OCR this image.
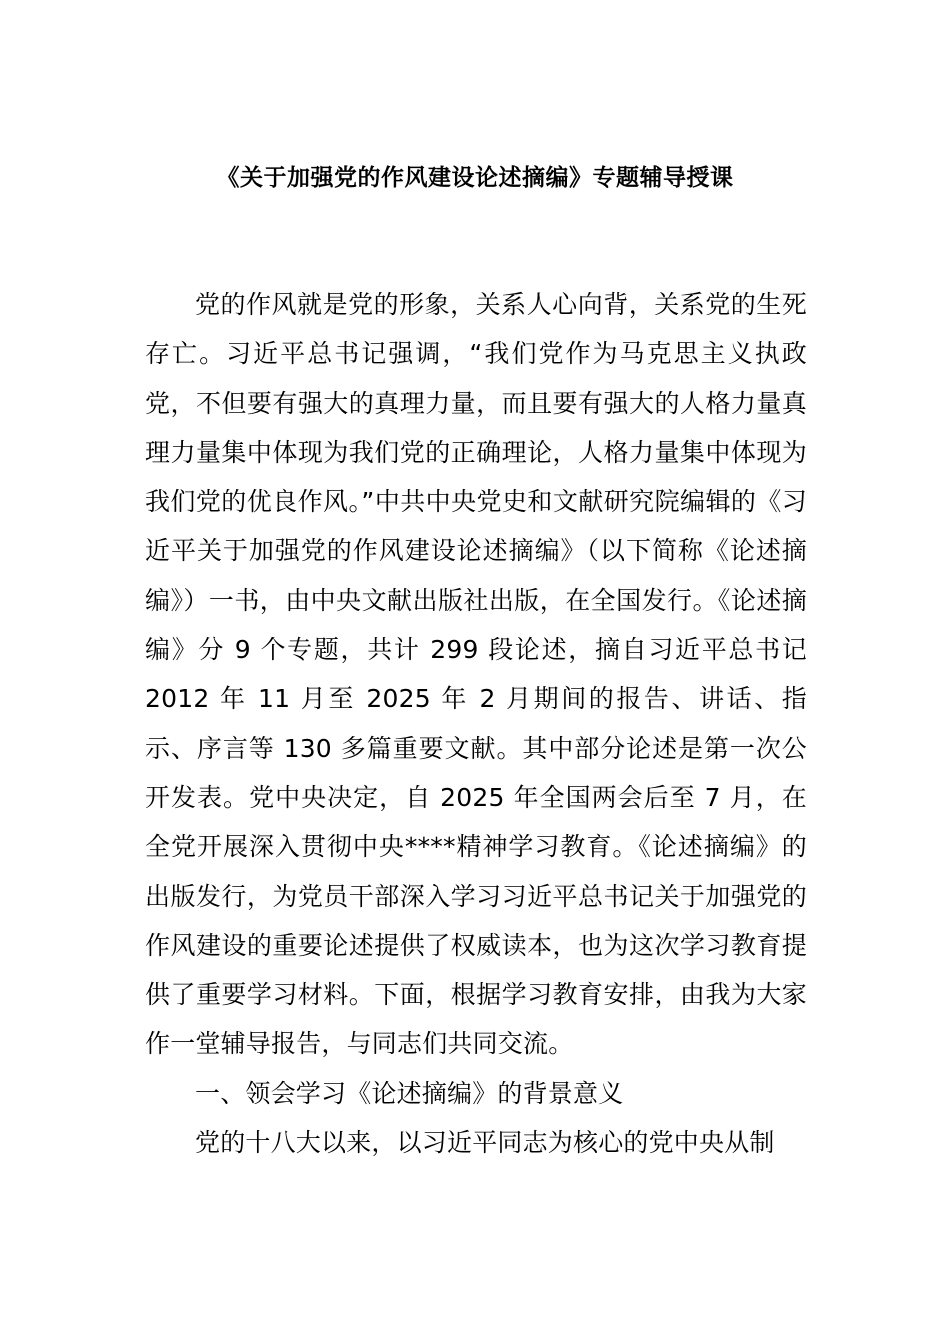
《关于加强党的作风建设论述摘编》专题辅导授课

党的作风就是党的形象，关系人心向背，关系党的生死存亡。习近平总书记强调，“我们党作为马克思主义执政党，不但要有强大的真理力量，而且要有强大的人格力量真理力量集中体现为我们党的正确理论，人格力量集中体现为我们党的优良作风。”中共中央党史和文献研究院编辑的《习近平关于加强党的作风建设论述摘编》（以下简称《论述摘编》）一书，由中央文献出版社出版，在全国发行。《论述摘编》分 9 个专题，共计 299 段论述，摘自习近平总书记 2012 年 11 月至 2025 年 2 月期间的报告、讲话、指示、序言等 130 多篇重要文献。其中部分论述是第一次公开发表。党中央决定，自 2025 年全国两会后至 7 月，在全党开展深入贯彻中央****精神学习教育。《论述摘编》的出版发行，为党员干部深入学习习近平总书记关于加强党的作风建设的重要论述提供了权威读本，也为这次学习教育提供了重要学习材料。下面，根据学习教育安排，由我为大家作一堂辅导报告，与同志们共同交流。

一、领会学习《论述摘编》的背景意义

党的十八大以来，以习近平同志为核心的党中央从制
